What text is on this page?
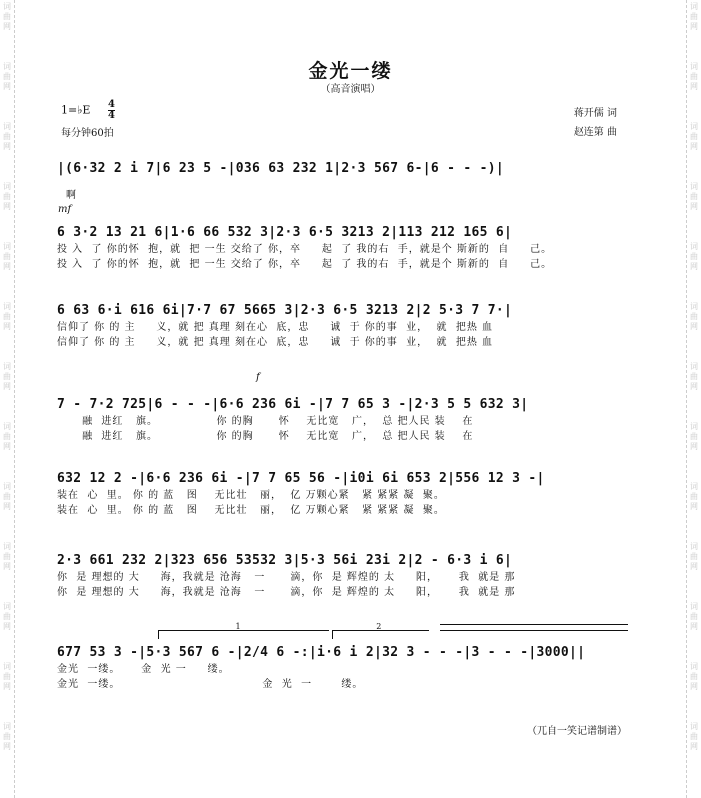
词曲网
词曲网
词曲网
词曲网
词曲网
词曲网
词曲网
词曲网
词曲网
词曲网
词曲网
词曲网
词曲网
词曲网
词曲网
词曲网
词曲网
词曲网
词曲网
词曲网
词曲网
词曲网
词曲网
词曲网
词曲网
词曲网
金光一缕
（高音演唱）
1=♭E $\frac{4}{4}$
每分钟60拍
蒋开儒 词
赵连第 曲
|(6·32 2 i 7|6 23 5 -|036 63 232 1|2·3 567 6-|6 - - -)|
啊
mf
6 3·2 13 21 6|1·6 66 532 3|2·3 6·5 3213 2|113 212 165 6|
投 入  了 你的怀  抱，就  把 一生 交给了 你，卒     起  了 我的右  手，就是个 斯新的  自     己。
投 入  了 你的怀  抱，就  把 一生 交给了 你，卒     起  了 我的右  手，就是个 斯新的  自     己。
6 63 6·i 616 6i|7·7 67 5665 3|2·3 6·5 3213 2|2 5·3 7 7·|
信仰了 你 的 主     义，就 把 真理 刻在心  底，忠     诚  于 你的事  业，  就  把热 血
信仰了 你 的 主     义，就 把 真理 刻在心  底，忠     诚  于 你的事  业，  就  把热 血
f
7 - 7·2 725|6 - - -|6·6 236 6i -|7 7 65 3 -|2·3 5 5 632 3|
融  进红   旗。              你 的胸      怀    无比宽   广，  总 把人民 装    在
融  进红   旗。              你 的胸      怀    无比宽   广，  总 把人民 装    在
632 12 2 -|6·6 236 6i -|7 7 65 56 -|i0i 6i 653 2|556 12 3 -|
装在  心  里。 你 的 蓝   图    无比壮   丽，  亿 万颗心紧   紧 紧紧 凝  聚。
装在  心  里。 你 的 蓝   图    无比壮   丽，  亿 万颗心紧   紧 紧紧 凝  聚。
2·3 661 232 2|323 656 53532 3|5·3 56i 23i 2|2 - 6·3 i 6|
你  是 理想的 大     海，我就是 沧海   一      滴，你  是 辉煌的 太     阳，     我  就是 那
你  是 理想的 大     海，我就是 沧海   一      滴，你  是 辉煌的 太     阳，     我  就是 那
1	2
677 53 3 -|5·3 567 6 -|2/4 6 -:|i·6 i 2|32 3 - - -|3 - - -|3000||
金光  一缕。     金  光 一     缕。
金光  一缕。                                  金  光  一       缕。
（兀自一笑记谱制谱）
